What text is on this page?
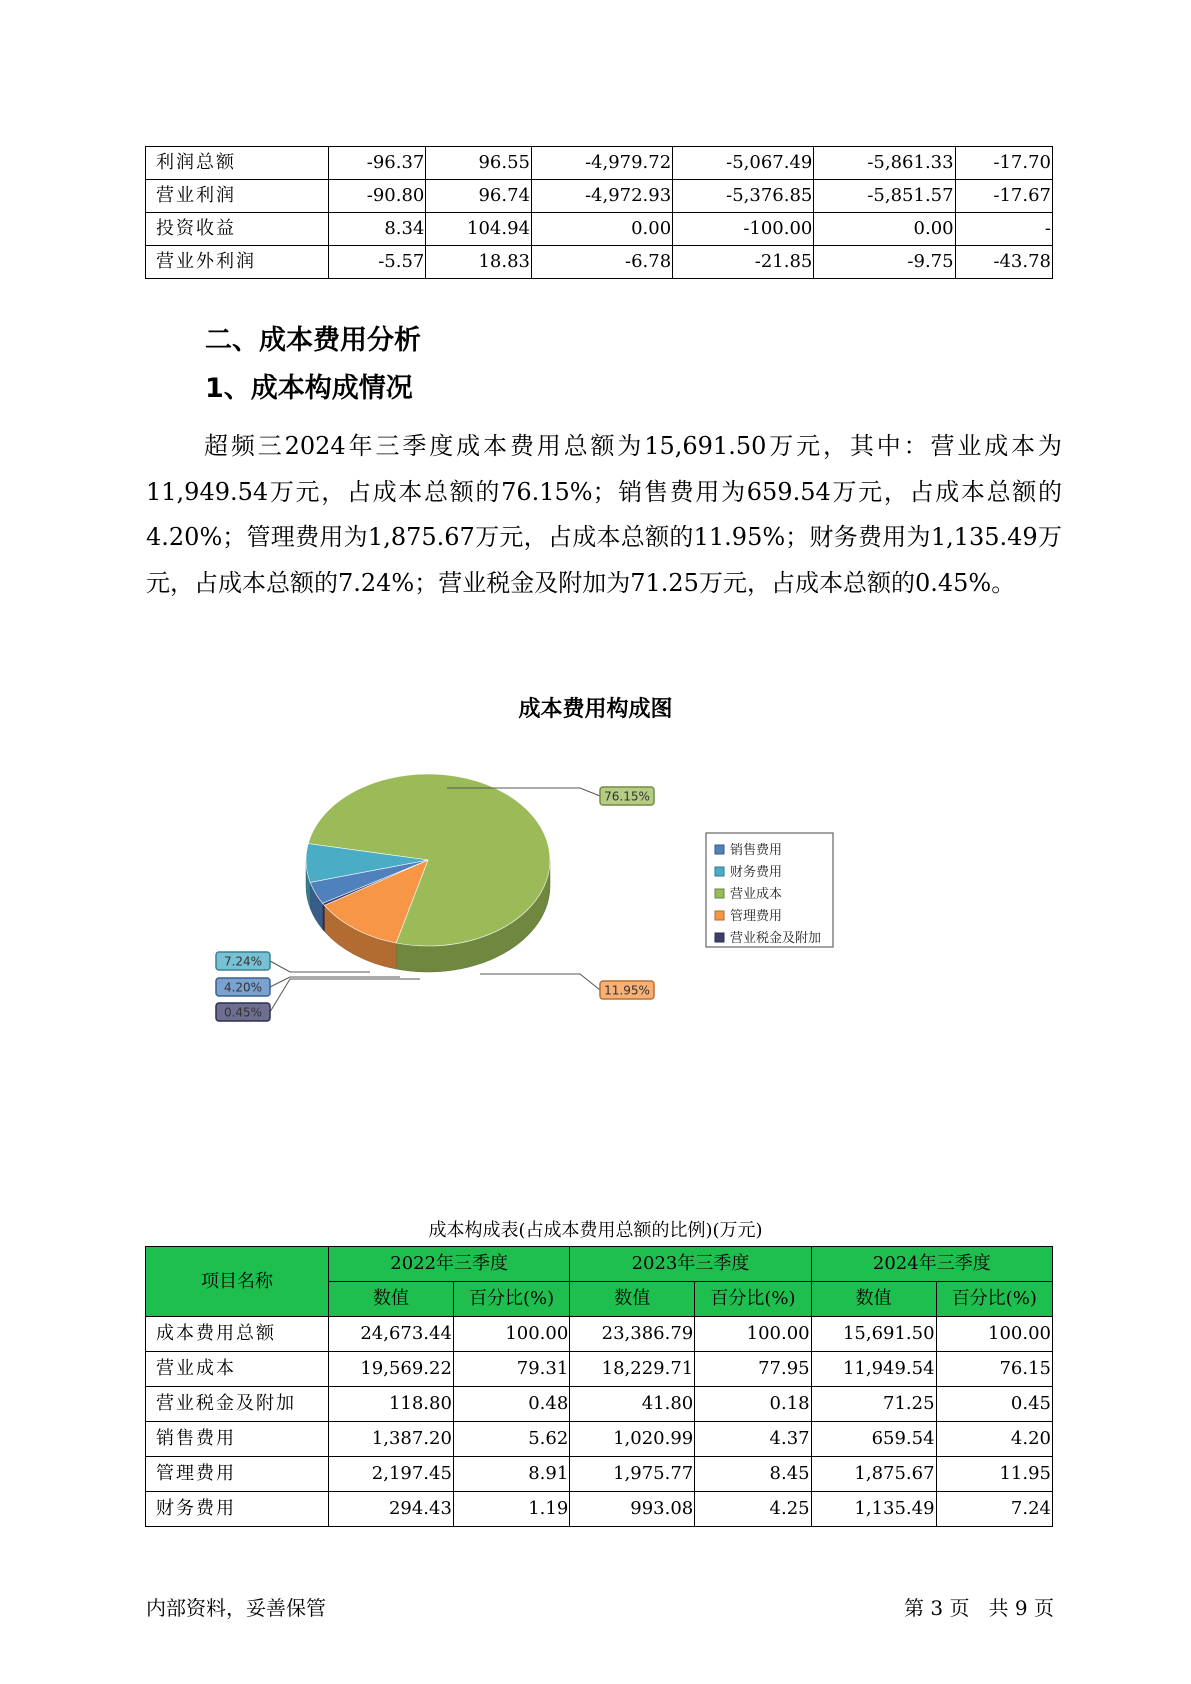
利润总额	-96.37	96.55	-4,979.72	-5,067.49	-5,861.33	-17.70
营业利润	-90.80	96.74	-4,972.93	-5,376.85	-5,851.57	-17.67
投资收益	8.34	104.94	0.00	-100.00	0.00	-
营业外利润	-5.57	18.83	-6.78	-21.85	-9.75	-43.78
二、成本费用分析
1、成本构成情况

超频三2024年三季度成本费用总额为15,691.50万元，其中：营业成本为11,949.54万元，占成本总额的76.15%；销售费用为659.54万元，占成本总额的4.20%；管理费用为1,875.67万元，占成本总额的11.95%；财务费用为1,135.49万元，占成本总额的7.24%；营业税金及附加为71.25万元，占成本总额的0.45%。

成本费用构成图
76.15%
11.95%
0.45%
4.20%
7.24%
销售费用
财务费用
营业成本
管理费用
营业税金及附加
成本构成表(占成本费用总额的比例)(万元)
项目名称	2022年三季度		2023年三季度		2024年三季度	
	数值	百分比(%)	数值	百分比(%)	数值	百分比(%)
成本费用总额	24,673.44	100.00	23,386.79	100.00	15,691.50	100.00
营业成本	19,569.22	79.31	18,229.71	77.95	11,949.54	76.15
营业税金及附加	118.80	0.48	41.80	0.18	71.25	0.45
销售费用	1,387.20	5.62	1,020.99	4.37	659.54	4.20
管理费用	2,197.45	8.91	1,975.77	8.45	1,875.67	11.95
财务费用	294.43	1.19	993.08	4.25	1,135.49	7.24
内部资料，妥善保管	第 3 页   共 9 页
